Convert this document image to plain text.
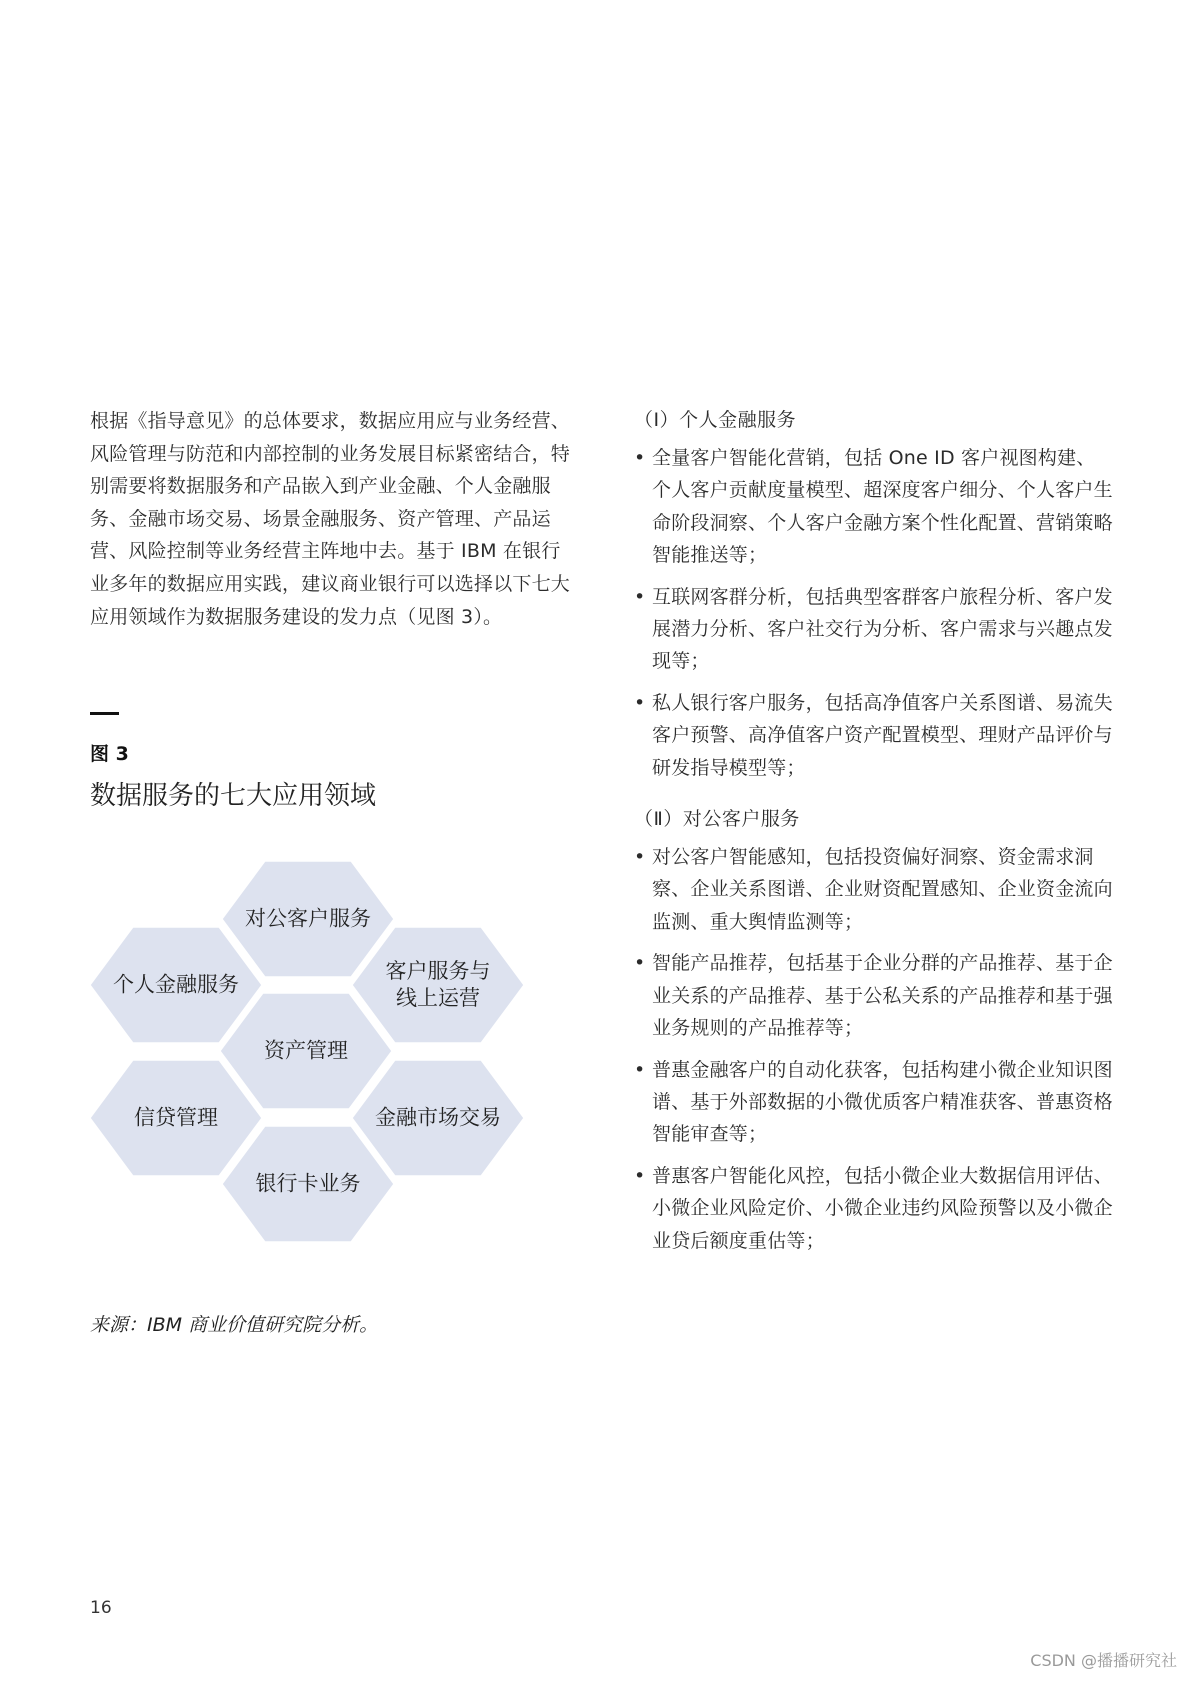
根据《指导意见》的总体要求，数据应用应与业务经营、风险管理与防范和内部控制的业务发展目标紧密结合，特别需要将数据服务和产品嵌入到产业金融、个人金融服务、金融市场交易、场景金融服务、资产管理、产品运营、风险控制等业务经营主阵地中去。基于 IBM 在银行业多年的数据应用实践，建议商业银行可以选择以下七大应用领域作为数据服务建设的发力点（见图 3）。

图 3
数据服务的七大应用领域
对公客户服务
个人金融服务
客户服务与
线上运营
资产管理
信贷管理	金融市场交易
银行卡业务
来源：IBM 商业价值研究院分析。
（Ⅰ）个人金融服务
• 全量客户智能化营销，包括 One ID 客户视图构建、个人客户贡献度量模型、超深度客户细分、个人客户生命阶段洞察、个人客户金融方案个性化配置、营销策略智能推送等；
• 互联网客群分析，包括典型客群客户旅程分析、客户发展潜力分析、客户社交行为分析、客户需求与兴趣点发现等；
• 私人银行客户服务，包括高净值客户关系图谱、易流失客户预警、高净值客户资产配置模型、理财产品评价与研发指导模型等；
（Ⅱ）对公客户服务
• 对公客户智能感知，包括投资偏好洞察、资金需求洞察、企业关系图谱、企业财资配置感知、企业资金流向监测、重大舆情监测等；
• 智能产品推荐，包括基于企业分群的产品推荐、基于企业关系的产品推荐、基于公私关系的产品推荐和基于强业务规则的产品推荐等；
• 普惠金融客户的自动化获客，包括构建小微企业知识图谱、基于外部数据的小微优质客户精准获客、普惠资格智能审查等；
• 普惠客户智能化风控，包括小微企业大数据信用评估、小微企业风险定价、小微企业违约风险预警以及小微企业贷后额度重估等；
16
CSDN @播播研究社
